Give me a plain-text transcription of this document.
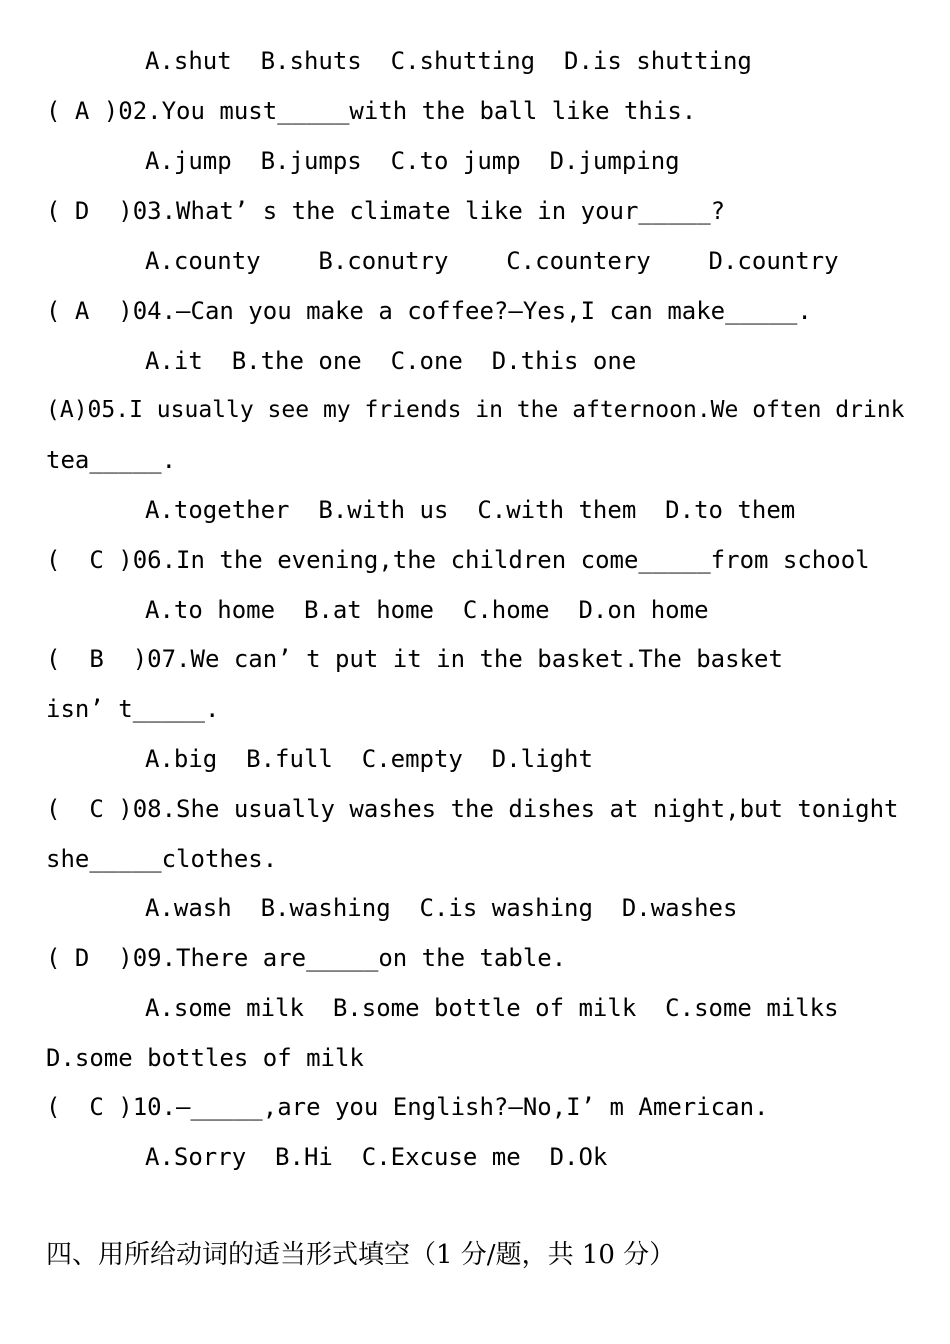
A.shut  B.shuts  C.shutting  D.is shutting
( A )02.You must_____with the ball like this.
A.jump  B.jumps  C.to jump  D.jumping
( D  )03.What’ s the climate like in your_____?
A.county    B.conutry    C.countery    D.country
( A  )04.—Can you make a coffee?—Yes,I can make_____.
A.it  B.the one  C.one  D.this one
(A)05.I usually see my friends in the afternoon.We often drink
tea_____.
A.together  B.with us  C.with them  D.to them
(  C )06.In the evening,the children come_____from school
A.to home  B.at home  C.home  D.on home
(  B  )07.We can’ t put it in the basket.The basket
isn’ t_____.
A.big  B.full  C.empty  D.light
(  C )08.She usually washes the dishes at night,but tonight
she_____clothes.
A.wash  B.washing  C.is washing  D.washes
( D  )09.There are_____on the table.
A.some milk  B.some bottle of milk  C.some milks
D.some bottles of milk
(  C )10.—_____,are you English?—No,I’ m American.
A.Sorry  B.Hi  C.Excuse me  D.Ok
四、用所给动词的适当形式填空（1 分/题，共 10 分）
